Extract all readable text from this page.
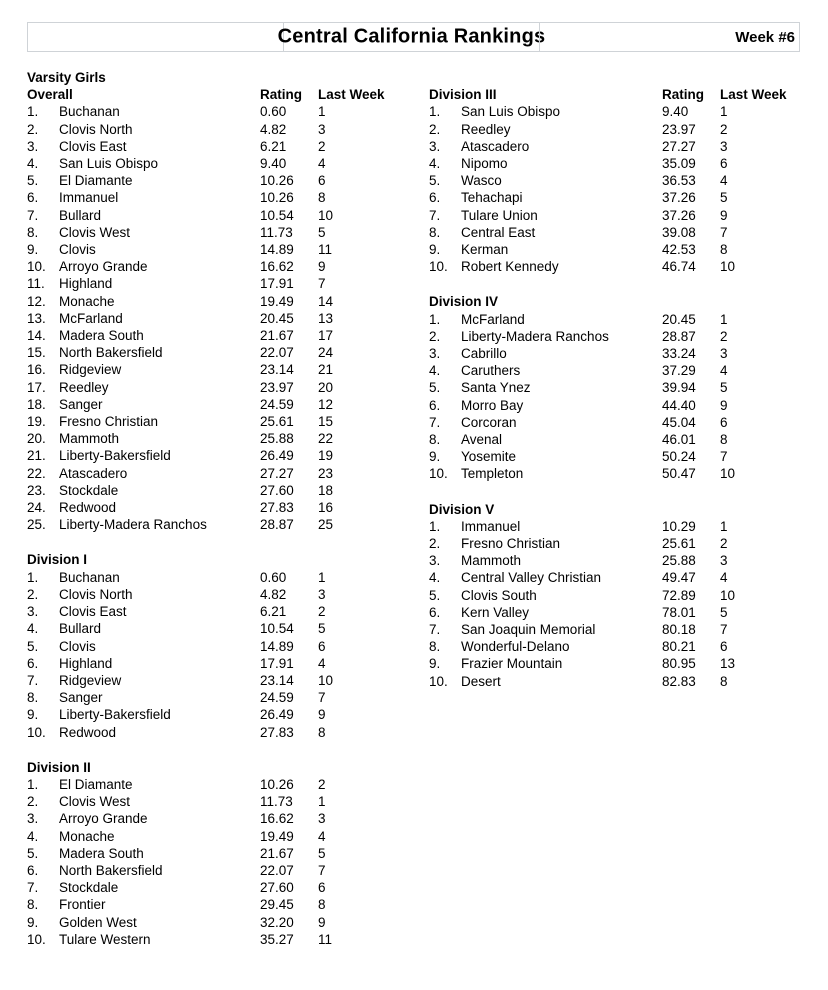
Central California Rankings	Week #6
Varsity Girls
Overall	Rating	Last Week
1.	Buchanan	0.60	1
2.	Clovis North	4.82	3
3.	Clovis East	6.21	2
4.	San Luis Obispo	9.40	4
5.	El Diamante	10.26	6
6.	Immanuel	10.26	8
7.	Bullard	10.54	10
8.	Clovis West	11.73	5
9.	Clovis	14.89	11
10. Arroyo Grande	16.62	9
11.	Highland	17.91	7
12. Monache	19.49	14
13. McFarland	20.45	13
14. Madera South	21.67	17
15. North Bakersfield	22.07	24
16. Ridgeview	23.14	21
17. Reedley	23.97	20
18. Sanger	24.59	12
19. Fresno Christian	25.61	15
20. Mammoth	25.88	22
21. Liberty-Bakersfield	26.49	19
22. Atascadero	27.27	23
23. Stockdale	27.60	18
24. Redwood	27.83	16
25. Liberty-Madera Ranchos	28.87	25
Division I
1.	Buchanan	0.60	1
2.	Clovis North	4.82	3
3.	Clovis East	6.21	2
4.	Bullard	10.54	5
5.	Clovis	14.89	6
6.	Highland	17.91	4
7.	Ridgeview	23.14	10
8.	Sanger	24.59	7
9.	Liberty-Bakersfield	26.49	9
10. Redwood	27.83	8
Division II
1.	El Diamante	10.26	2
2.	Clovis West	11.73	1
3.	Arroyo Grande	16.62	3
4.	Monache	19.49	4
5.	Madera South	21.67	5
6.	North Bakersfield	22.07	7
7.	Stockdale	27.60	6
8.	Frontier	29.45	8
9.	Golden West	32.20	9
10. Tulare Western	35.27	11
Division III	Rating	Last Week
1.	San Luis Obispo	9.40	1
2.	Reedley	23.97	2
3.	Atascadero	27.27	3
4.	Nipomo	35.09	6
5.	Wasco	36.53	4
6.	Tehachapi	37.26	5
7.	Tulare Union	37.26	9
8.	Central East	39.08	7
9.	Kerman	42.53	8
10. Robert Kennedy	46.74	10
Division IV
1.	McFarland	20.45	1
2.	Liberty-Madera Ranchos	28.87	2
3.	Cabrillo	33.24	3
4.	Caruthers	37.29	4
5.	Santa Ynez	39.94	5
6.	Morro Bay	44.40	9
7.	Corcoran	45.04	6
8.	Avenal	46.01	8
9.	Yosemite	50.24	7
10. Templeton	50.47	10
Division V
1.	Immanuel	10.29	1
2.	Fresno Christian	25.61	2
3.	Mammoth	25.88	3
4.	Central Valley Christian	49.47	4
5.	Clovis South	72.89	10
6.	Kern Valley	78.01	5
7.	San Joaquin Memorial	80.18	7
8.	Wonderful-Delano	80.21	6
9.	Frazier Mountain	80.95	13
10. Desert	82.83	8
